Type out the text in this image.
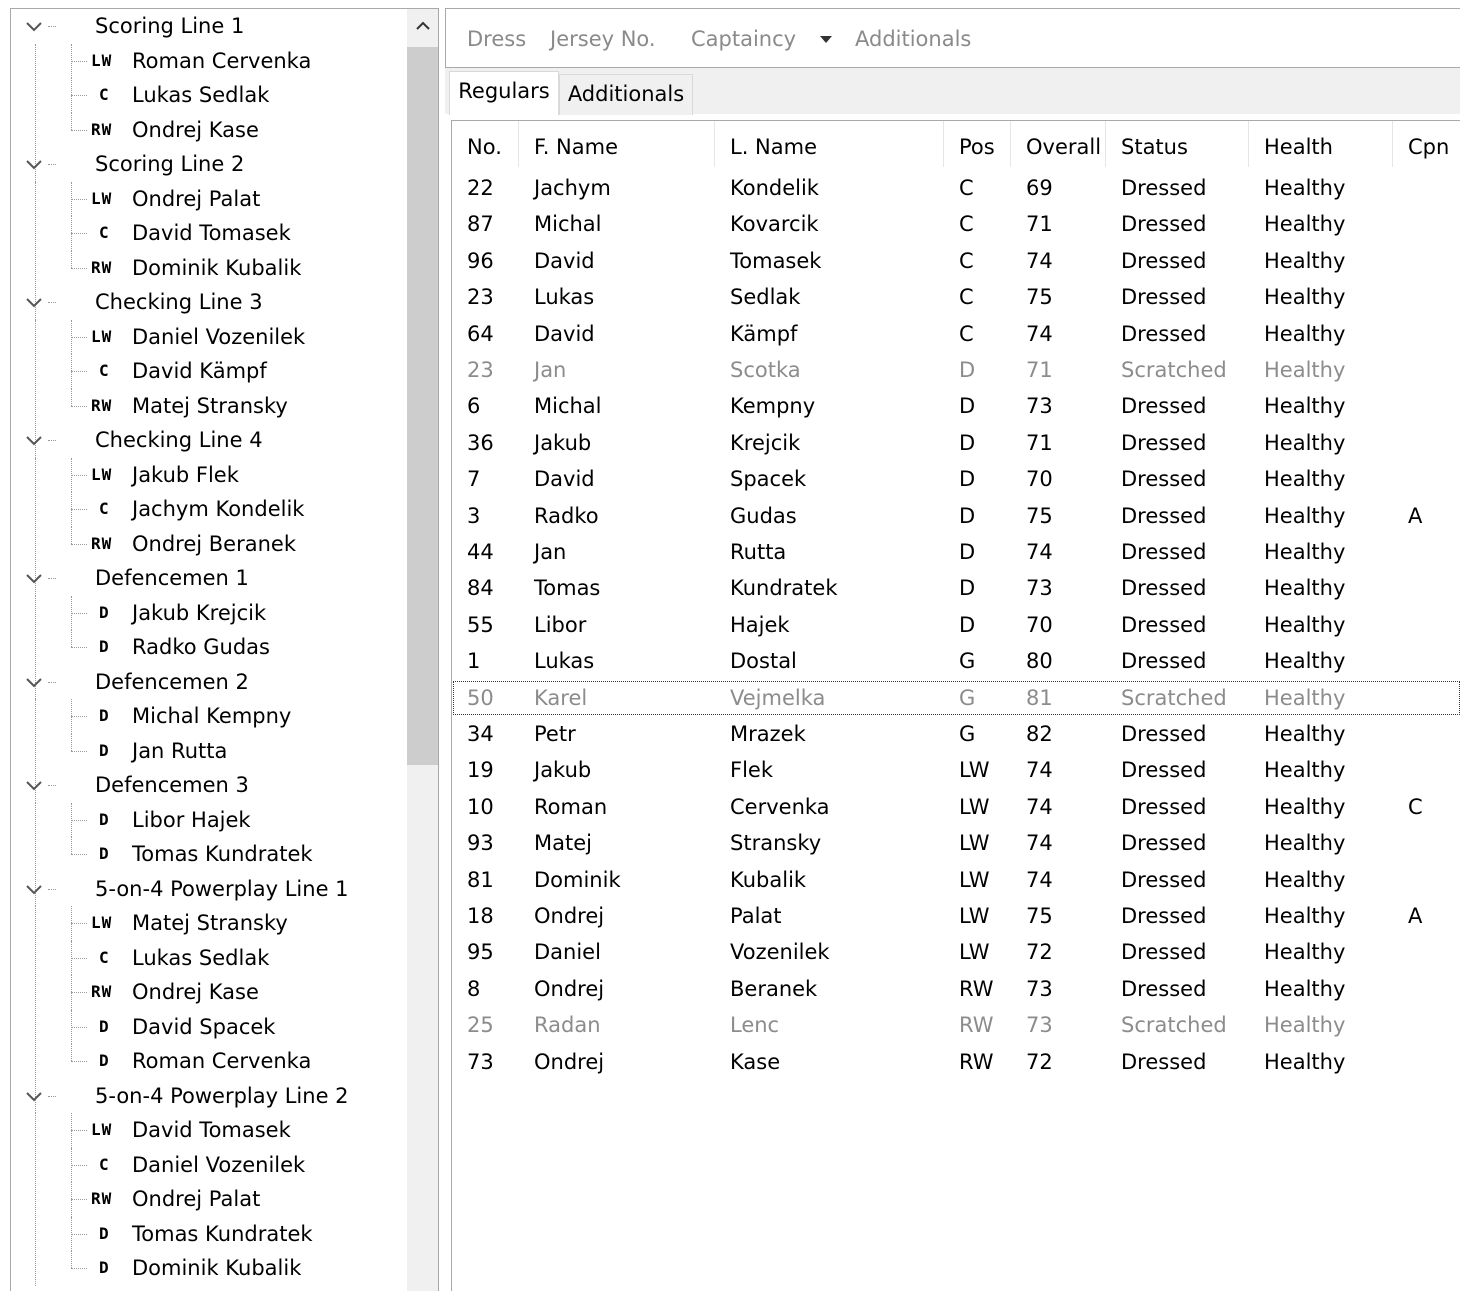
Scoring Line 1
LW Roman Cervenka
C Lukas Sedlak
RW Ondrej Kase
Scoring Line 2
LW Ondrej Palat
C David Tomasek
RW Dominik Kubalik
Checking Line 3
LW Daniel Vozenilek
C David Kämpf
RW Matej Stransky
Checking Line 4
LW Jakub Flek
C Jachym Kondelik
RW Ondrej Beranek
Defencemen 1
D Jakub Krejcik
D Radko Gudas
Defencemen 2
D Michal Kempny
D Jan Rutta
Defencemen 3
D Libor Hajek
D Tomas Kundratek
5-on-4 Powerplay Line 1
LW Matej Stransky
C Lukas Sedlak
RW Ondrej Kase
D David Spacek
D Roman Cervenka
5-on-4 Powerplay Line 2
LW David Tomasek
C Daniel Vozenilek
RW Ondrej Palat
D Tomas Kundratek
D Dominik Kubalik
Dress Jersey No. Captaincy	Additionals
Regulars Additionals
No.	F. Name	L. Name	Pos	Overall Status	Health	Cpn
22 Jachym	Kondelik	C 69	Dressed	Healthy
87 Michal	Kovarcik	C 71	Dressed	Healthy
96 David	Tomasek	C 74	Dressed	Healthy
23 Lukas	Sedlak	C 75	Dressed	Healthy
64 David	Kämpf	C 74	Dressed	Healthy
23 Jan	Scotka	D 71	Scratched Healthy
6	Michal	Kempny	D 73	Dressed	Healthy
36 Jakub	Krejcik	D 71	Dressed	Healthy
7	David	Spacek	D 70	Dressed	Healthy
3	Radko	Gudas	D 75	Dressed	Healthy	A
44 Jan	Rutta	D 74	Dressed	Healthy
84 Tomas	Kundratek	D 73	Dressed	Healthy
55 Libor	Hajek	D 70	Dressed	Healthy
1	Lukas	Dostal	G 80	Dressed	Healthy
50 Karel	Vejmelka	G 81	Scratched Healthy
34 Petr	Mrazek	G 82	Dressed	Healthy
19 Jakub	Flek	LW 74	Dressed	Healthy
10 Roman	Cervenka	LW 74	Dressed	Healthy	C
93 Matej	Stransky	LW 74	Dressed	Healthy
81 Dominik	Kubalik	LW 74	Dressed	Healthy
18 Ondrej	Palat	LW 75	Dressed	Healthy	A
95 Daniel	Vozenilek	LW 72	Dressed	Healthy
8	Ondrej	Beranek	RW 73	Dressed	Healthy
25 Radan	Lenc	RW 73	Scratched Healthy
73 Ondrej	Kase	RW 72	Dressed	Healthy
